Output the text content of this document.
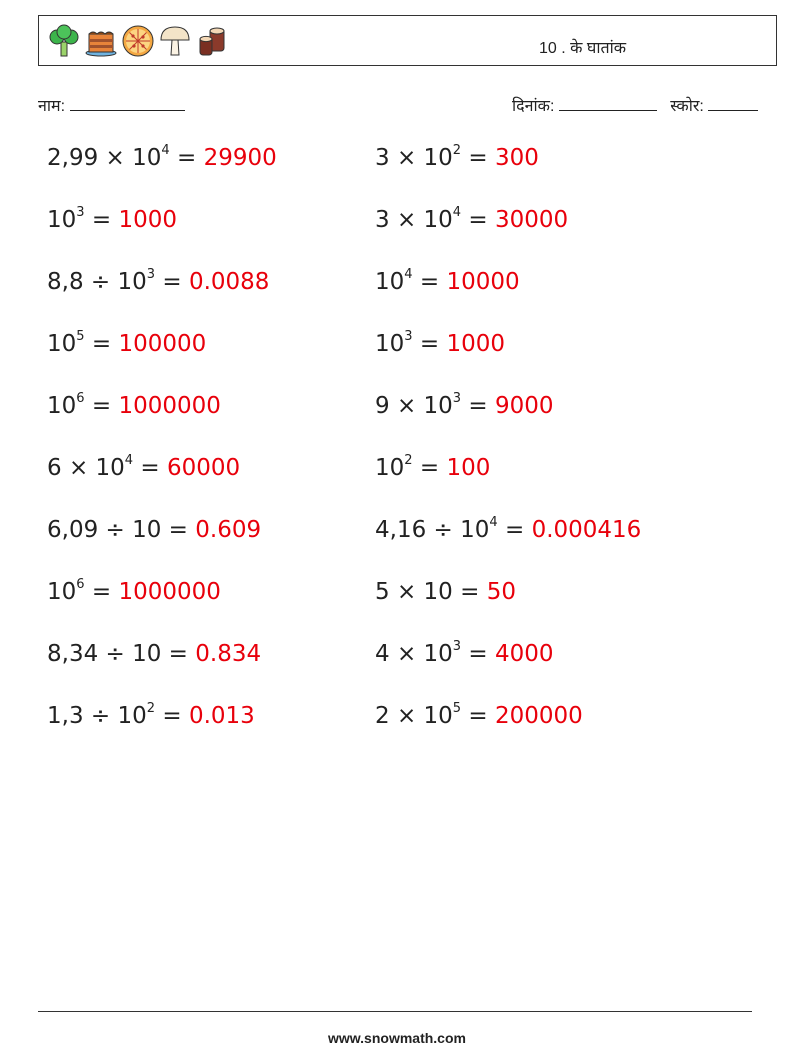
10 . के घातांक
नाम:	दिनांक:	स्कोर:
$2,99 \times 10^4 = 29900$	$3 \times 10^2 = 300$
$10^3 = 1000$	$3 \times 10^4 = 30000$
$8,8 \div 10^3 = 0.0088$	$10^4 = 10000$
$10^5 = 100000$	$10^3 = 1000$
$10^6 = 1000000$	$9 \times 10^3 = 9000$
$6 \times 10^4 = 60000$	$10^2 = 100$
6,09 ÷ 10 = 0.609	$4,16 \div 10^4 = 0.000416$
$10^6 = 1000000$	5 × 10 = 50
8,34 ÷ 10 = 0.834	$4 \times 10^3 = 4000$
$1,3 \div 10^2 = 0.013$	$2 \times 10^5 = 200000$
www.snowmath.com
